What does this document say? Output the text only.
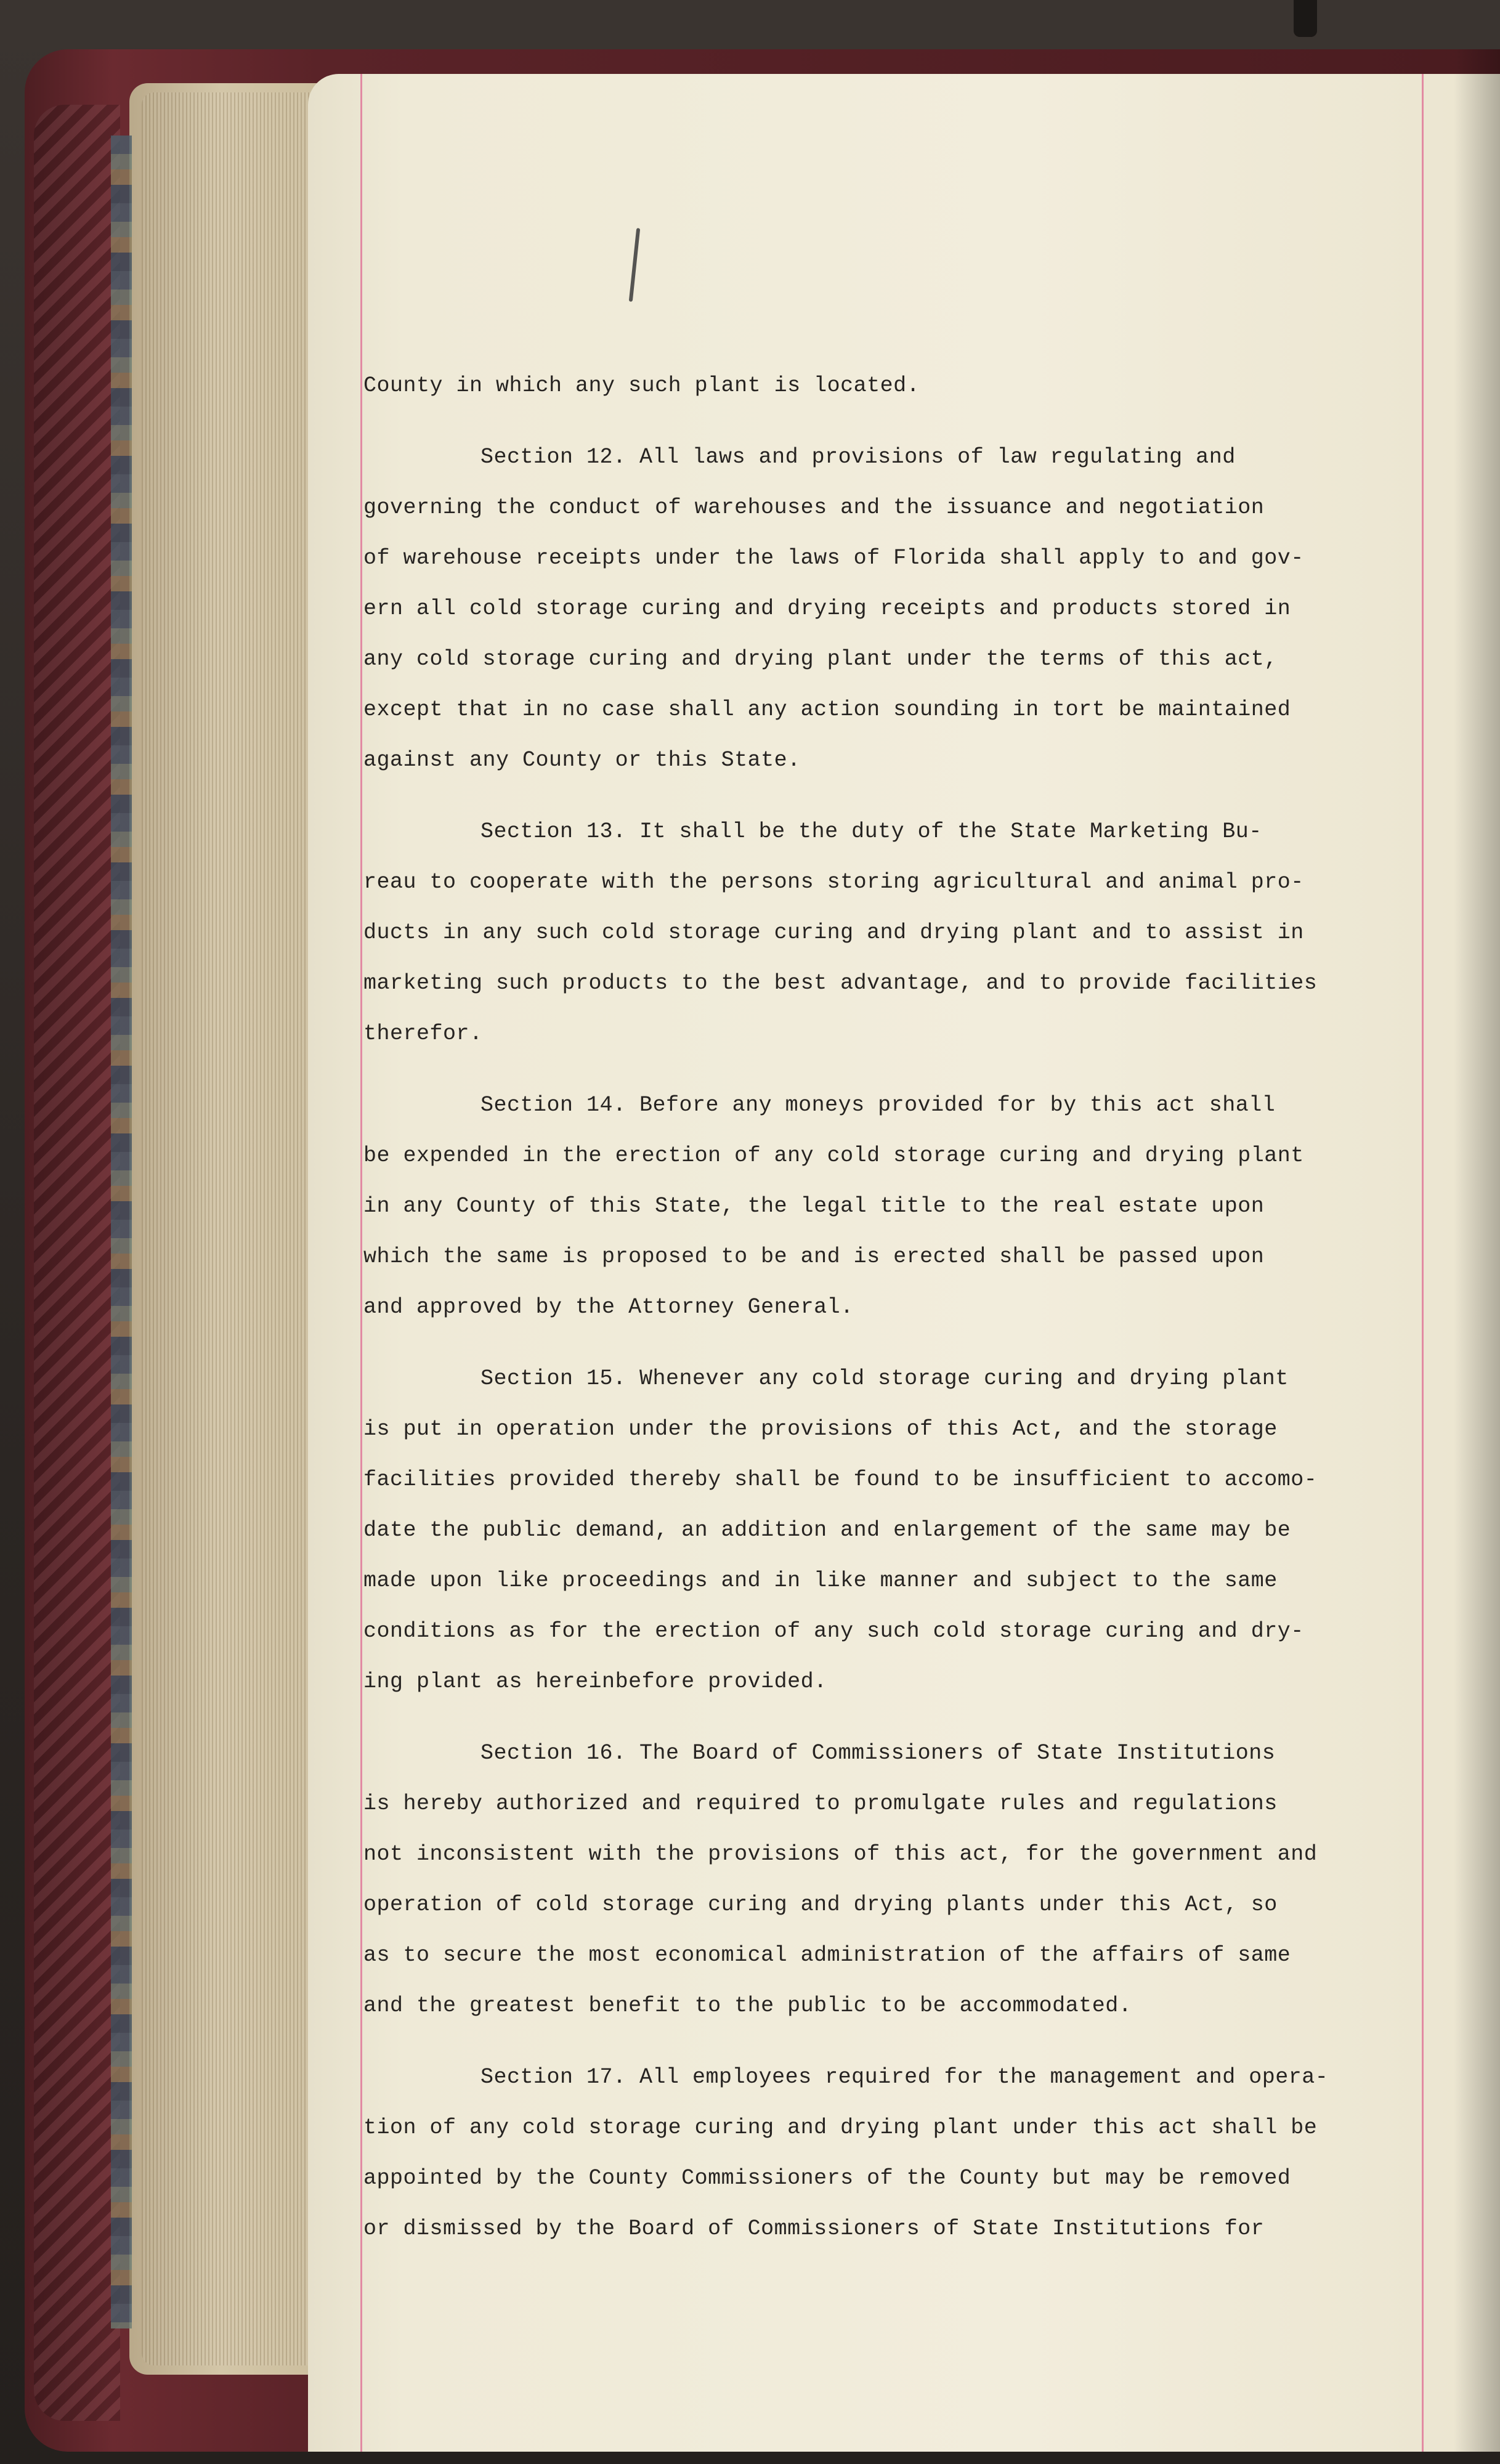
County in which any such plant is located.
Section 12. All laws and provisions of law regulating and
governing the conduct of warehouses and the issuance and negotiation
of warehouse receipts under the laws of Florida shall apply to and gov-
ern all cold storage curing and drying receipts and products stored in
any cold storage curing and drying plant under the terms of this act,
except that in no case shall any action sounding in tort be maintained
against any County or this State.
Section 13. It shall be the duty of the State Marketing Bu-
reau to cooperate with the persons storing agricultural and animal pro-
ducts in any such cold storage curing and drying plant and to assist in
marketing such products to the best advantage, and to provide facilities
therefor.
Section 14. Before any moneys provided for by this act shall
be expended in the erection of any cold storage curing and drying plant
in any County of this State, the legal title to the real estate upon
which the same is proposed to be and is erected shall be passed upon
and approved by the Attorney General.
Section 15. Whenever any cold storage curing and drying plant
is put in operation under the provisions of this Act, and the storage
facilities provided thereby shall be found to be insufficient to accomo-
date the public demand, an addition and enlargement of the same may be
made upon like proceedings and in like manner and subject to the same
conditions as for the erection of any such cold storage curing and dry-
ing plant as hereinbefore provided.
Section 16. The Board of Commissioners of State Institutions
is hereby authorized and required to promulgate rules and regulations
not inconsistent with the provisions of this act, for the government and
operation of cold storage curing and drying plants under this Act, so
as to secure the most economical administration of the affairs of same
and the greatest benefit to the public to be accommodated.
Section 17. All employees required for the management and opera-
tion of any cold storage curing and drying plant under this act shall be
appointed by the County Commissioners of the County but may be removed
or dismissed by the Board of Commissioners of State Institutions for
